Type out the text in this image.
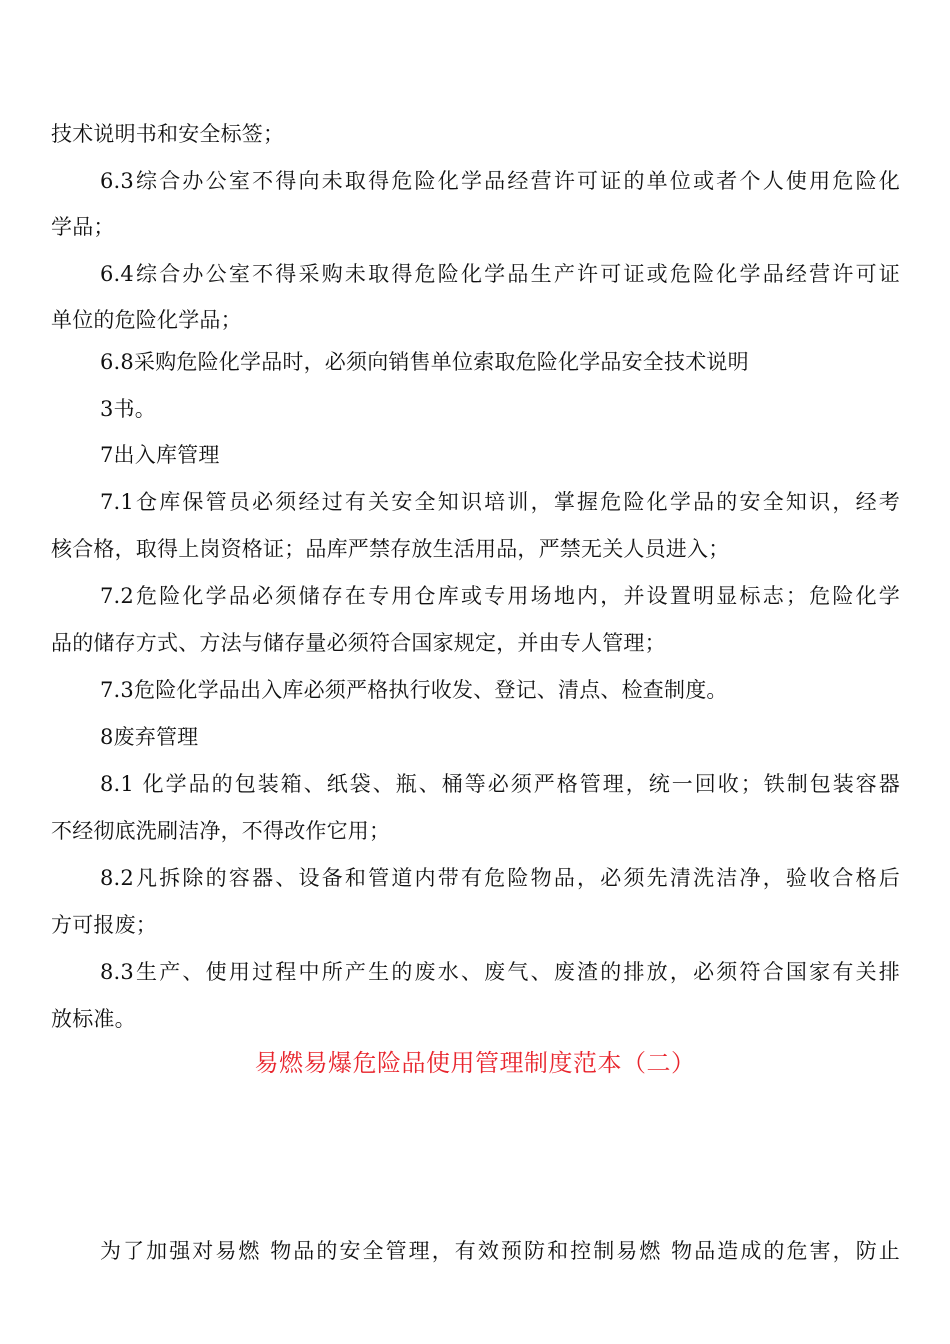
技术说明书和安全标签；
6.3综合办公室不得向未取得危险化学品经营许可证的单位或者个人使用危险化
学品；
6.4综合办公室不得采购未取得危险化学品生产许可证或危险化学品经营许可证
单位的危险化学品；
6.8采购危险化学品时，必须向销售单位索取危险化学品安全技术说明
3书。
7出入库管理
7.1仓库保管员必须经过有关安全知识培训，掌握危险化学品的安全知识，经考
核合格，取得上岗资格证；品库严禁存放生活用品，严禁无关人员进入；
7.2危险化学品必须储存在专用仓库或专用场地内，并设置明显标志；危险化学
品的储存方式、方法与储存量必须符合国家规定，并由专人管理；
7.3危险化学品出入库必须严格执行收发、登记、清点、检查制度。
8废弃管理
8.1 化学品的包装箱、纸袋、瓶、桶等必须严格管理，统一回收；铁制包装容器
不经彻底洗刷洁净，不得改作它用；
8.2凡拆除的容器、设备和管道内带有危险物品，必须先清洗洁净，验收合格后
方可报废；
8.3生产、使用过程中所产生的废水、废气、废渣的排放，必须符合国家有关排
放标准。
易燃易爆危险品使用管理制度范本（二）
为了加强对易燃 物品的安全管理，有效预防和控制易燃 物品造成的危害，防止
